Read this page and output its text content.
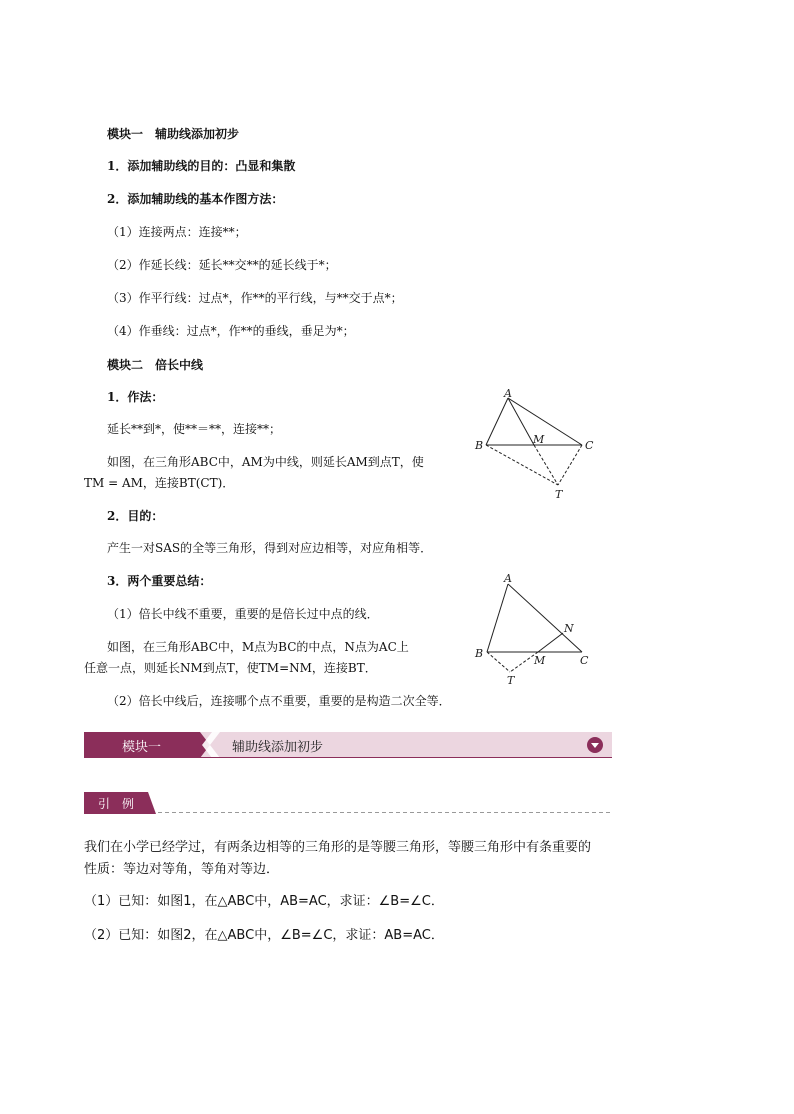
模块一　辅助线添加初步
1．添加辅助线的目的：凸显和集散
2．添加辅助线的基本作图方法：
（1）连接两点：连接**；
（2）作延长线：延长**交**的延长线于*；
（3）作平行线：过点*，作**的平行线，与**交于点*；
（4）作垂线：过点*，作**的垂线，垂足为*；
模块二　倍长中线
1．作法：
延长**到*，使**＝**，连接**；
如图，在三角形ABC中，AM为中线，则延长AM到点T，使
TM = AM，连接BT(CT)．
2．目的：
产生一对SAS的全等三角形，得到对应边相等，对应角相等．
3．两个重要总结：
（1）倍长中线不重要，重要的是倍长过中点的线．
如图，在三角形ABC中，M点为BC的中点，N点为AC上
任意一点，则延长NM到点T，使TM=NM，连接BT．
（2）倍长中线后，连接哪个点不重要，重要的是构造二次全等．
A
B	M	C
T
A
N
B
M	C
T
模块一	辅助线添加初步
引　例
我们在小学已经学过，有两条边相等的三角形的是等腰三角形，等腰三角形中有条重要的
性质：等边对等角，等角对等边．
（1）已知：如图1，在△ABC中，AB=AC，求证：∠B=∠C．
（2）已知：如图2，在△ABC中，∠B=∠C，求证：AB=AC．
